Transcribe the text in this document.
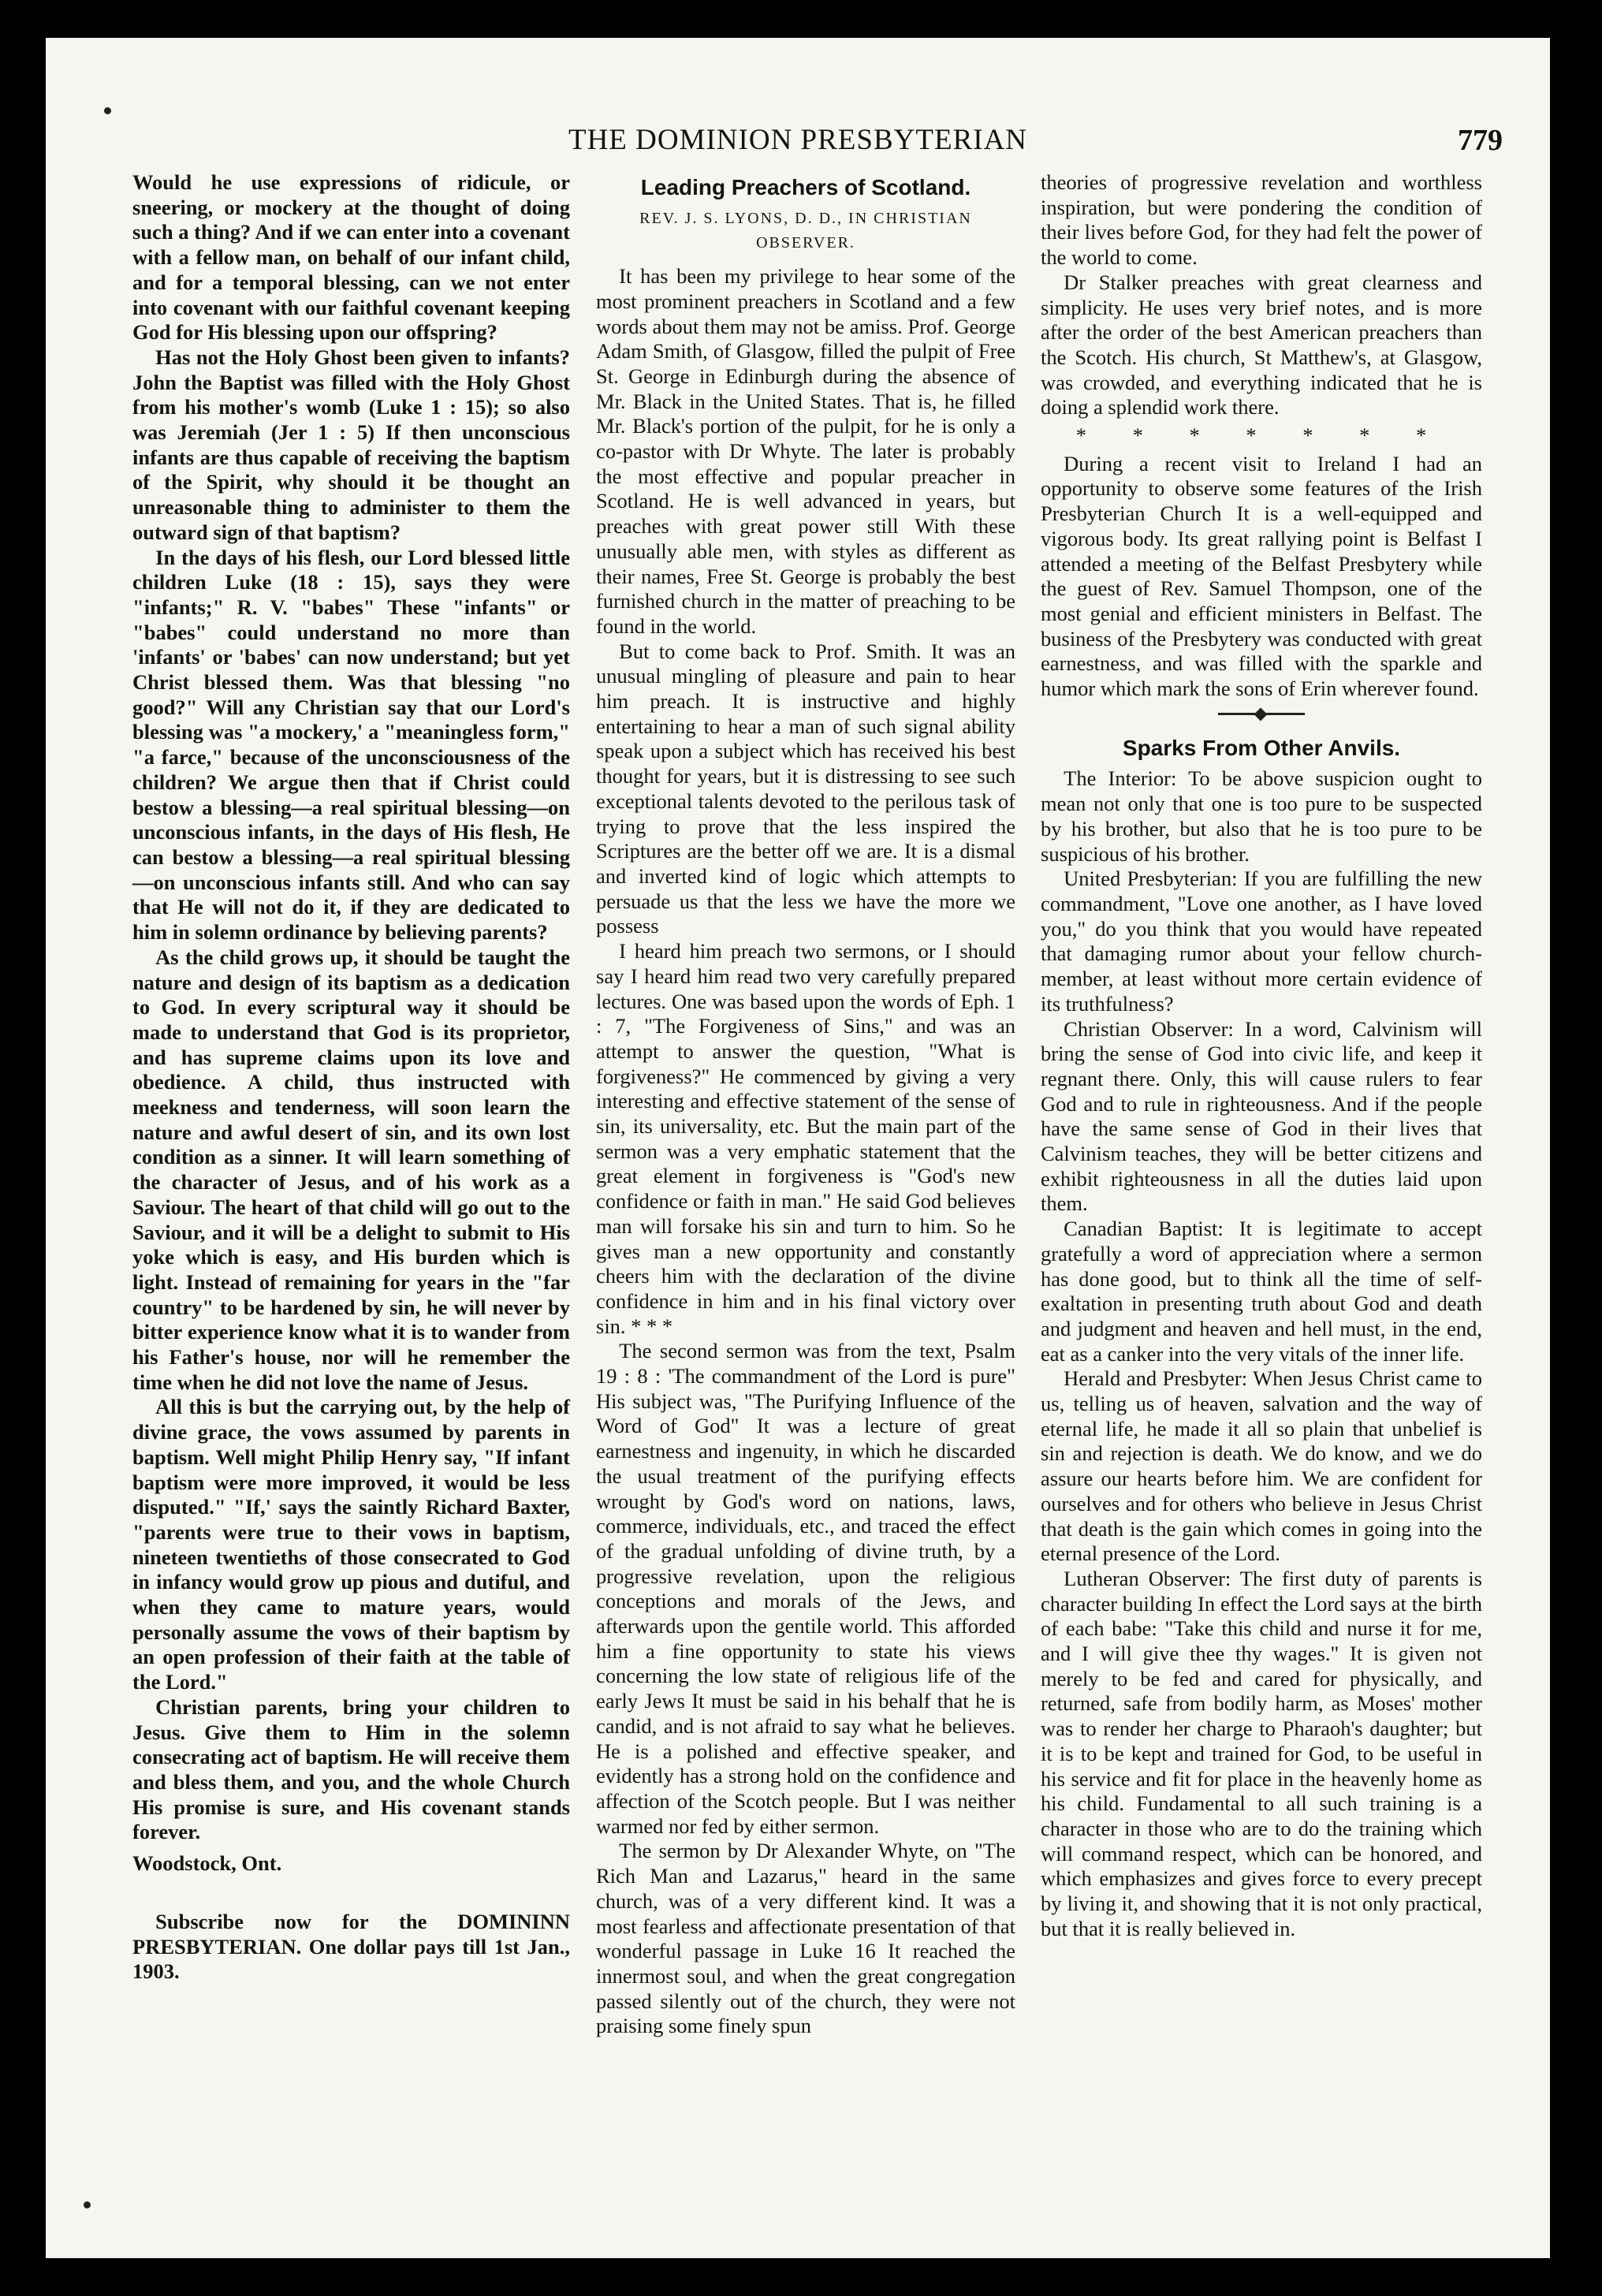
THE DOMINION PRESBYTERIAN	779

Would he use expressions of ridicule, or sneering, or mockery at the thought of doing such a thing? And if we can enter into a covenant with a fellow man, on behalf of our infant child, and for a temporal blessing, can we not enter into covenant with our faithful covenant keeping God for His blessing upon our offspring?

Has not the Holy Ghost been given to infants? John the Baptist was filled with the Holy Ghost from his mother's womb (Luke 1 : 15); so also was Jeremiah (Jer 1 : 5) If then unconscious infants are thus capable of receiving the baptism of the Spirit, why should it be thought an unreasonable thing to administer to them the outward sign of that baptism?

In the days of his flesh, our Lord blessed little children Luke (18 : 15), says they were "infants;" R. V. "babes" These "infants" or "babes" could understand no more than 'infants' or 'babes' can now understand; but yet Christ blessed them. Was that blessing "no good?" Will any Christian say that our Lord's blessing was "a mockery,' a "meaningless form," "a farce," because of the unconsciousness of the children? We argue then that if Christ could bestow a blessing—a real spiritual blessing—on unconscious infants, in the days of His flesh, He can bestow a blessing—a real spiritual blessing—on unconscious infants still. And who can say that He will not do it, if they are dedicated to him in solemn ordinance by believing parents?

As the child grows up, it should be taught the nature and design of its baptism as a dedication to God. In every scriptural way it should be made to understand that God is its proprietor, and has supreme claims upon its love and obedience. A child, thus instructed with meekness and tenderness, will soon learn the nature and awful desert of sin, and its own lost condition as a sinner. It will learn something of the character of Jesus, and of his work as a Saviour. The heart of that child will go out to the Saviour, and it will be a delight to submit to His yoke which is easy, and His burden which is light. Instead of remaining for years in the "far country" to be hardened by sin, he will never by bitter experience know what it is to wander from his Father's house, nor will he remember the time when he did not love the name of Jesus.

All this is but the carrying out, by the help of divine grace, the vows assumed by parents in baptism. Well might Philip Henry say, "If infant baptism were more improved, it would be less disputed." "If,' says the saintly Richard Baxter, "parents were true to their vows in baptism, nineteen twentieths of those consecrated to God in infancy would grow up pious and dutiful, and when they came to mature years, would personally assume the vows of their baptism by an open profession of their faith at the table of the Lord."

Christian parents, bring your children to Jesus. Give them to Him in the solemn consecrating act of baptism. He will receive them and bless them, and you, and the whole Church His promise is sure, and His covenant stands forever.

Woodstock, Ont.

Subscribe now for the DOMININN PRESBYTERIAN. One dollar pays till 1st Jan., 1903.

Leading Preachers of Scotland.

REV. J. S. LYONS, D. D., IN CHRISTIAN OBSERVER.

It has been my privilege to hear some of the most prominent preachers in Scotland and a few words about them may not be amiss. Prof. George Adam Smith, of Glasgow, filled the pulpit of Free St. George in Edinburgh during the absence of Mr. Black in the United States. That is, he filled Mr. Black's portion of the pulpit, for he is only a co-pastor with Dr Whyte. The later is probably the most effective and popular preacher in Scotland. He is well advanced in years, but preaches with great power still With these unusually able men, with styles as different as their names, Free St. George is probably the best furnished church in the matter of preaching to be found in the world.

But to come back to Prof. Smith. It was an unusual mingling of pleasure and pain to hear him preach. It is instructive and highly entertaining to hear a man of such signal ability speak upon a subject which has received his best thought for years, but it is distressing to see such exceptional talents devoted to the perilous task of trying to prove that the less inspired the Scriptures are the better off we are. It is a dismal and inverted kind of logic which attempts to persuade us that the less we have the more we possess

I heard him preach two sermons, or I should say I heard him read two very carefully prepared lectures. One was based upon the words of Eph. 1 : 7, "The Forgiveness of Sins," and was an attempt to answer the question, "What is forgiveness?" He commenced by giving a very interesting and effective statement of the sense of sin, its universality, etc. But the main part of the sermon was a very emphatic statement that the great element in forgiveness is "God's new confidence or faith in man." He said God believes man will forsake his sin and turn to him. So he gives man a new opportunity and constantly cheers him with the declaration of the divine confidence in him and in his final victory over sin. * * *

The second sermon was from the text, Psalm 19 : 8 : 'The commandment of the Lord is pure" His subject was, "The Purifying Influence of the Word of God" It was a lecture of great earnestness and ingenuity, in which he discarded the usual treatment of the purifying effects wrought by God's word on nations, laws, commerce, individuals, etc., and traced the effect of the gradual unfolding of divine truth, by a progressive revelation, upon the religious conceptions and morals of the Jews, and afterwards upon the gentile world. This afforded him a fine opportunity to state his views concerning the low state of religious life of the early Jews It must be said in his behalf that he is candid, and is not afraid to say what he believes. He is a polished and effective speaker, and evidently has a strong hold on the confidence and affection of the Scotch people. But I was neither warmed nor fed by either sermon.

The sermon by Dr Alexander Whyte, on "The Rich Man and Lazarus," heard in the same church, was of a very different kind. It was a most fearless and affectionate presentation of that wonderful passage in Luke 16 It reached the innermost soul, and when the great congregation passed silently out of the church, they were not praising some finely spun

theories of progressive revelation and worthless inspiration, but were pondering the condition of their lives before God, for they had felt the power of the world to come.

Dr Stalker preaches with great clearness and simplicity. He uses very brief notes, and is more after the order of the best American preachers than the Scotch. His church, St Matthew's, at Glasgow, was crowded, and everything indicated that he is doing a splendid work there.

* * * * * * *

During a recent visit to Ireland I had an opportunity to observe some features of the Irish Presbyterian Church It is a well-equipped and vigorous body. Its great rallying point is Belfast I attended a meeting of the Belfast Presbytery while the guest of Rev. Samuel Thompson, one of the most genial and efficient ministers in Belfast. The business of the Presbytery was conducted with great earnestness, and was filled with the sparkle and humor which mark the sons of Erin wherever found.

Sparks From Other Anvils.

The Interior: To be above suspicion ought to mean not only that one is too pure to be suspected by his brother, but also that he is too pure to be suspicious of his brother.

United Presbyterian: If you are fulfilling the new commandment, "Love one another, as I have loved you," do you think that you would have repeated that damaging rumor about your fellow church-member, at least without more certain evidence of its truthfulness?

Christian Observer: In a word, Calvinism will bring the sense of God into civic life, and keep it regnant there. Only, this will cause rulers to fear God and to rule in righteousness. And if the people have the same sense of God in their lives that Calvinism teaches, they will be better citizens and exhibit righteousness in all the duties laid upon them.

Canadian Baptist: It is legitimate to accept gratefully a word of appreciation where a sermon has done good, but to think all the time of self-exaltation in presenting truth about God and death and judgment and heaven and hell must, in the end, eat as a canker into the very vitals of the inner life.

Herald and Presbyter: When Jesus Christ came to us, telling us of heaven, salvation and the way of eternal life, he made it all so plain that unbelief is sin and rejection is death. We do know, and we do assure our hearts before him. We are confident for ourselves and for others who believe in Jesus Christ that death is the gain which comes in going into the eternal presence of the Lord.

Lutheran Observer: The first duty of parents is character building In effect the Lord says at the birth of each babe: "Take this child and nurse it for me, and I will give thee thy wages." It is given not merely to be fed and cared for physically, and returned, safe from bodily harm, as Moses' mother was to render her charge to Pharaoh's daughter; but it is to be kept and trained for God, to be useful in his service and fit for place in the heavenly home as his child. Fundamental to all such training is a character in those who are to do the training which will command respect, which can be honored, and which emphasizes and gives force to every precept by living it, and showing that it is not only practical, but that it is really believed in.
